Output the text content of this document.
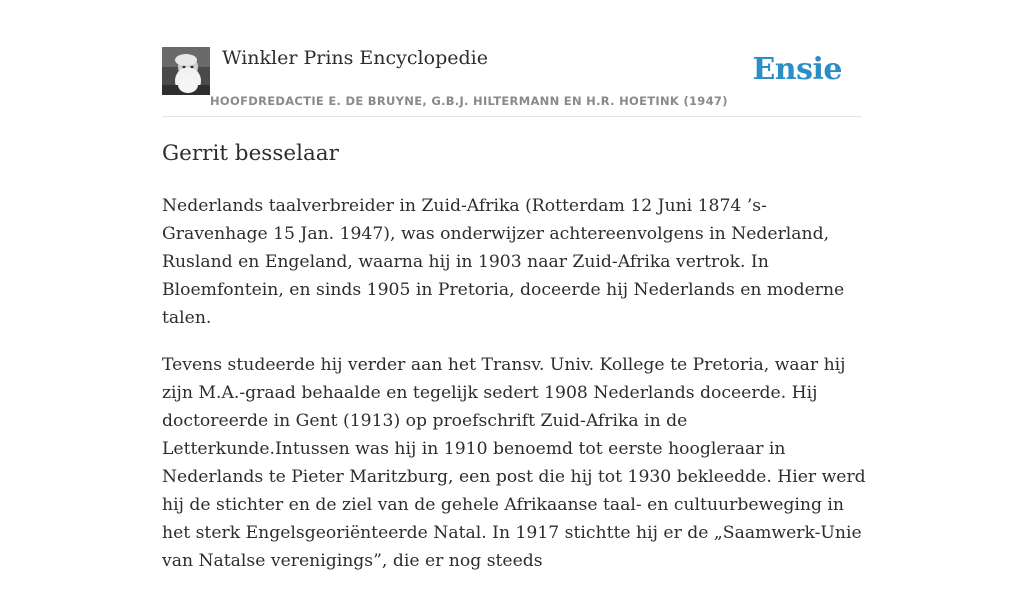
Winkler Prins Encyclopedie
HOOFDREDACTIE E. DE BRUYNE, G.B.J. HILTERMANN EN H.R. HOETINK (1947)
Ensie
Gerrit besselaar

Nederlands taalverbreider in Zuid-Afrika (Rotterdam 12 Juni 1874 ’s-Gravenhage 15 Jan. 1947), was onderwijzer achtereenvolgens in Nederland, Rusland en Engeland, waarna hij in 1903 naar Zuid-Afrika vertrok. In Bloemfontein, en sinds 1905 in Pretoria, doceerde hij Nederlands en moderne talen.

Tevens studeerde hij verder aan het Transv. Univ. Kollege te Pretoria, waar hij zijn M.A.-graad behaalde en tegelijk sedert 1908 Nederlands doceerde. Hij doctoreerde in Gent (1913) op proefschrift Zuid-Afrika in de Letterkunde.Intussen was hij in 1910 benoemd tot eerste hoogleraar in Nederlands te Pieter Maritzburg, een post die hij tot 1930 bekleedde. Hier werd hij de stichter en de ziel van de gehele Afrikaanse taal- en cultuurbeweging in het sterk Engelsgeoriënteerde Natal. In 1917 stichtte hij er de „Saamwerk-Unie van Natalse verenigings”, die er nog steeds
